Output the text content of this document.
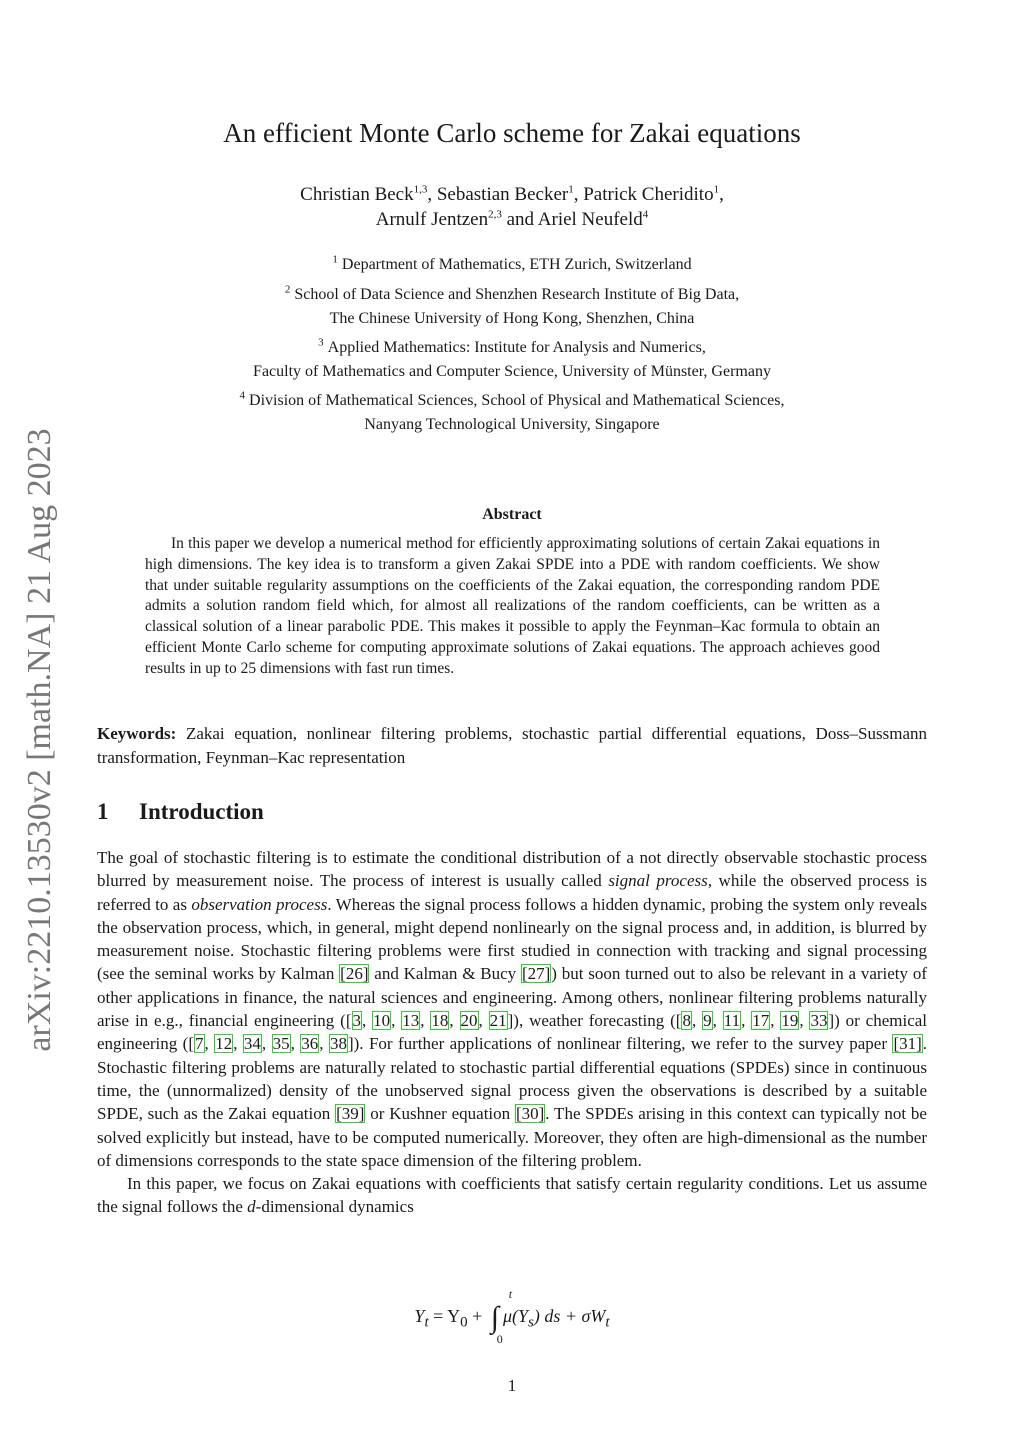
arXiv:2210.13530v2 [math.NA] 21 Aug 2023
An efficient Monte Carlo scheme for Zakai equations
Christian Beck$^{1,3}$, Sebastian Becker$^1$, Patrick Cheridito$^1$,
Arnulf Jentzen$^{2,3}$ and Ariel Neufeld$^4$
$^1$ Department of Mathematics, ETH Zurich, Switzerland
$^2$ School of Data Science and Shenzhen Research Institute of Big Data,
The Chinese University of Hong Kong, Shenzhen, China
$^3$ Applied Mathematics: Institute for Analysis and Numerics,
Faculty of Mathematics and Computer Science, University of Münster, Germany
$^4$ Division of Mathematical Sciences, School of Physical and Mathematical Sciences,
Nanyang Technological University, Singapore
Abstract

In this paper we develop a numerical method for efficiently approximating solutions of certain Zakai equations in high dimensions. The key idea is to transform a given Zakai SPDE into a PDE with random coefficients. We show that under suitable regularity assumptions on the coefficients of the Zakai equation, the corresponding random PDE admits a solution random field which, for almost all realizations of the random coefficients, can be written as a classical solution of a linear parabolic PDE. This makes it possible to apply the Feynman–Kac formula to obtain an efficient Monte Carlo scheme for computing approximate solutions of Zakai equations. The approach achieves good results in up to 25 dimensions with fast run times.

Keywords: Zakai equation, nonlinear filtering problems, stochastic partial differential equations, Doss–Sussmann transformation, Feynman–Kac representation
1 Introduction

The goal of stochastic filtering is to estimate the conditional distribution of a not directly observable stochastic process blurred by measurement noise. The process of interest is usually called signal process, while the observed process is referred to as observation process. Whereas the signal process follows a hidden dynamic, probing the system only reveals the observation process, which, in general, might depend nonlinearly on the signal process and, in addition, is blurred by measurement noise. Stochastic filtering problems were first studied in connection with tracking and signal processing (see the seminal works by Kalman [26] and Kalman & Bucy [27]) but soon turned out to also be relevant in a variety of other applications in finance, the natural sciences and engineering. Among others, nonlinear filtering problems naturally arise in e.g., financial engineering ([3, 10, 13, 18, 20, 21]), weather forecasting ([8, 9, 11, 17, 19, 33]) or chemical engineering ([7, 12, 34, 35, 36, 38]). For further applications of nonlinear filtering, we refer to the survey paper [31]. Stochastic filtering problems are naturally related to stochastic partial differential equations (SPDEs) since in continuous time, the (unnormalized) density of the unobserved signal process given the observations is described by a suitable SPDE, such as the Zakai equation [39] or Kushner equation [30]. The SPDEs arising in this context can typically not be solved explicitly but instead, have to be computed numerically. Moreover, they often are high-dimensional as the number of dimensions corresponds to the state space dimension of the filtering problem.

In this paper, we focus on Zakai equations with coefficients that satisfy certain regularity conditions. Let us assume the signal follows the d-dimensional dynamics

$Y_t = Y_0$ + ∫
t
0
$\mu(Y_s)$ ds + $\sigma W_t$
1
